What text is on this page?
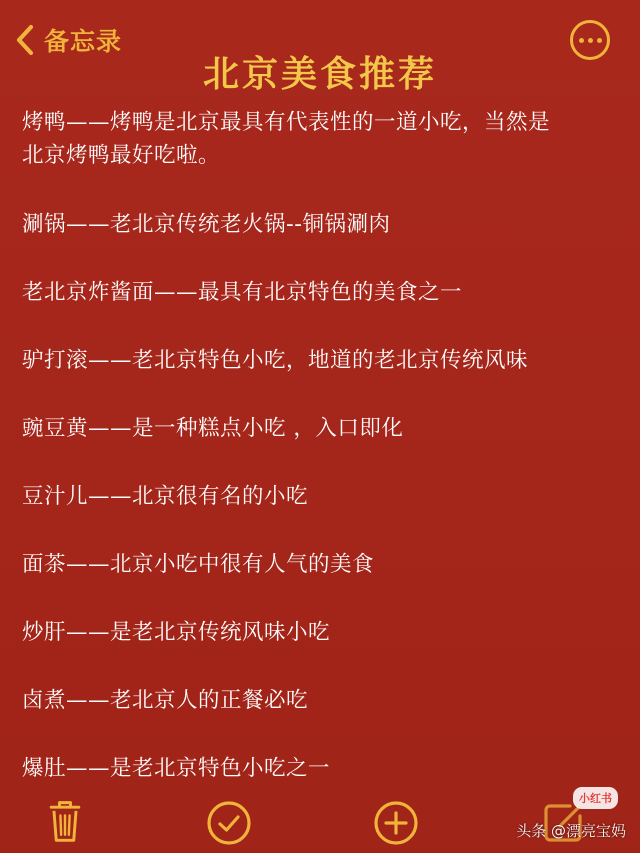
备忘录
北京美食推荐
烤鸭——烤鸭是北京最具有代表性的一道小吃，当然是
北京烤鸭最好吃啦。
涮锅——老北京传统老火锅--铜锅涮肉
老北京炸酱面——最具有北京特色的美食之一
驴打滚——老北京特色小吃，地道的老北京传统风味
豌豆黄——是一种糕点小吃 ，入口即化
豆汁儿——北京很有名的小吃
面茶——北京小吃中很有人气的美食
炒肝——是老北京传统风味小吃
卤煮——老北京人的正餐必吃
爆肚——是老北京特色小吃之一
小红书
头条 @漂亮宝妈
